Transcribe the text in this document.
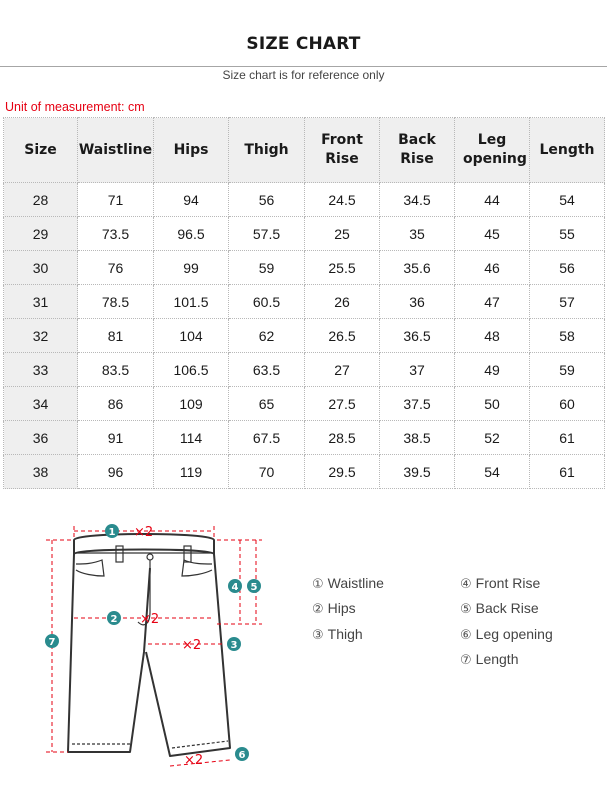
SIZE CHART
Size chart is for reference only
Unit of measurement: cm
Size	Waistline	Hips	Thigh	Front Rise	Back Rise	Leg opening	Length
28	71	94	56	24.5	34.5	44	54
29	73.5	96.5	57.5	25	35	45	55
30	76	99	59	25.5	35.6	46	56
31	78.5	101.5	60.5	26	36	47	57
32	81	104	62	26.5	36.5	48	58
33	83.5	106.5	63.5	27	37	49	59
34	86	109	65	27.5	37.5	50	60
36	91	114	67.5	28.5	38.5	52	61
38	96	119	70	29.5	39.5	54	61
×2
×2
×2
×2
1
2
3
4 5
6
7
① Waistline
② Hips
③ Thigh
④ Front Rise
⑤ Back Rise
⑥ Leg opening
⑦ Length
